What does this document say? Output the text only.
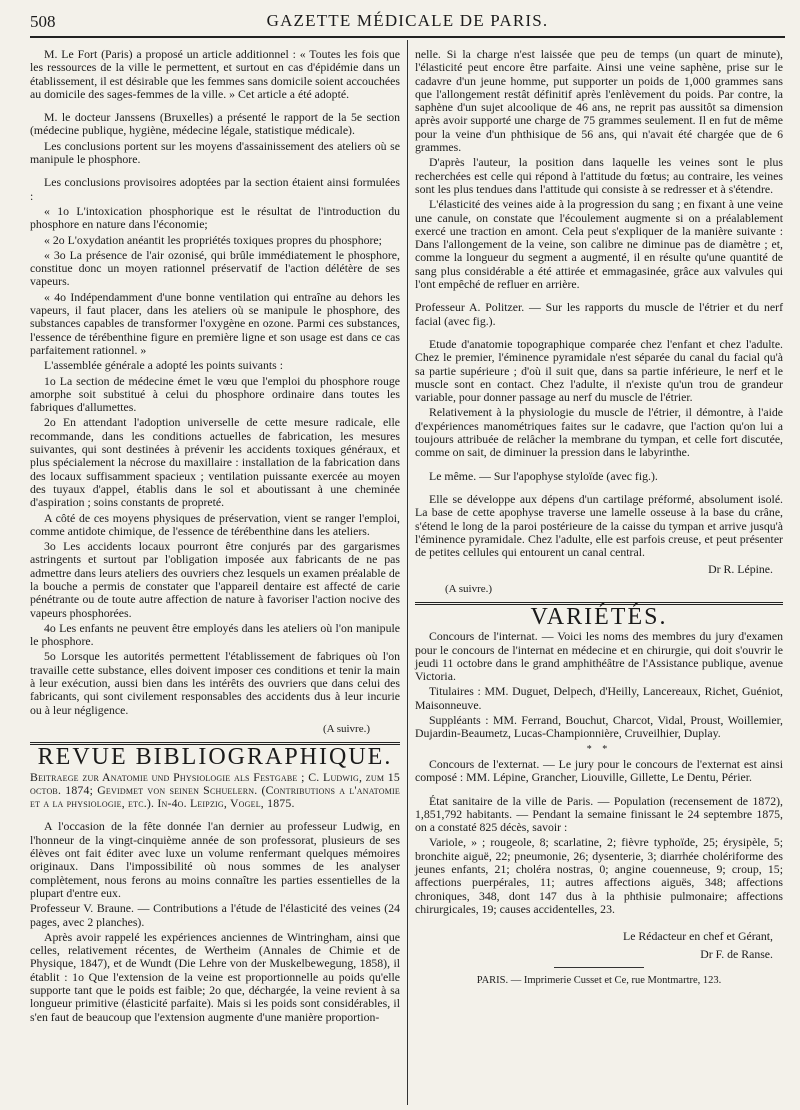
508	GAZETTE MÉDICALE DE PARIS.

M. Le Fort (Paris) a proposé un article additionnel : « Toutes les fois que les ressources de la ville le permettent, et surtout en cas d'épidémie dans un établissement, il est désirable que les femmes sans domicile soient accouchées au domicile des sages-femmes de la ville. » Cet article a été adopté.

M. le docteur Janssens (Bruxelles) a présenté le rapport de la 5e section (médecine publique, hygiène, médecine légale, statistique médicale).

Les conclusions portent sur les moyens d'assainissement des ateliers où se manipule le phosphore.

Les conclusions provisoires adoptées par la section étaient ainsi formulées :

« 1o L'intoxication phosphorique est le résultat de l'introduction du phosphore en nature dans l'économie;

« 2o L'oxydation anéantit les propriétés toxiques propres du phosphore;

« 3o La présence de l'air ozonisé, qui brûle immédiatement le phosphore, constitue donc un moyen rationnel préservatif de l'action délétère de ses vapeurs.

« 4o Indépendamment d'une bonne ventilation qui entraîne au dehors les vapeurs, il faut placer, dans les ateliers où se manipule le phosphore, des substances capables de transformer l'oxygène en ozone. Parmi ces substances, l'essence de térébenthine figure en première ligne et son usage est dans ce cas parfaitement rationnel. »

L'assemblée générale a adopté les points suivants :

1o La section de médecine émet le vœu que l'emploi du phosphore rouge amorphe soit substitué à celui du phosphore ordinaire dans toutes les fabriques d'allumettes.

2o En attendant l'adoption universelle de cette mesure radicale, elle recommande, dans les conditions actuelles de fabrication, les mesures suivantes, qui sont destinées à prévenir les accidents toxiques généraux, et plus spécialement la nécrose du maxillaire : installation de la fabrication dans des locaux suffisamment spacieux ; ventilation puissante exercée au moyen des tuyaux d'appel, établis dans le sol et aboutissant à une cheminée d'aspiration ; soins constants de propreté.

A côté de ces moyens physiques de préservation, vient se ranger l'emploi, comme antidote chimique, de l'essence de térébenthine dans les ateliers.

3o Les accidents locaux pourront être conjurés par des gargarismes astringents et surtout par l'obligation imposée aux fabricants de ne pas admettre dans leurs ateliers des ouvriers chez lesquels un examen préalable de la bouche a permis de constater que l'appareil dentaire est affecté de carie pénétrante ou de toute autre affection de nature à favoriser l'action nocive des vapeurs phosphorées.

4o Les enfants ne peuvent être employés dans les ateliers où l'on manipule le phosphore.

5o Lorsque les autorités permettent l'établissement de fabriques où l'on travaille cette substance, elles doivent imposer ces conditions et tenir la main à leur exécution, aussi bien dans les intérêts des ouvriers que dans celui des fabricants, qui sont civilement responsables des accidents dus à leur incurie ou à leur négligence.

(A suivre.)

REVUE BIBLIOGRAPHIQUE.

Beitraege zur Anatomie und Physiologie als Festgabe ; C. Ludwig, zum 15 octob. 1874; Gevidmet von seinen Schuelern. (Contributions a l'anatomie et a la physiologie, etc.). In-4o. Leipzig, Vogel, 1875.

A l'occasion de la fête donnée l'an dernier au professeur Ludwig, en l'honneur de la vingt-cinquième année de son professorat, plusieurs de ses élèves ont fait éditer avec luxe un volume renfermant quelques mémoires originaux. Dans l'impossibilité où nous sommes de les analyser complètement, nous ferons au moins connaître les parties essentielles de la plupart d'entre eux.

Professeur V. Braune. — Contributions a l'étude de l'élasticité des veines (24 pages, avec 2 planches).

Après avoir rappelé les expériences anciennes de Wintringham, ainsi que celles, relativement récentes, de Wertheim (Annales de Chimie et de Physique, 1847), et de Wundt (Die Lehre von der Muskelbewegung, 1858), il établit : 1o Que l'extension de la veine est proportionnelle au poids qu'elle supporte tant que le poids est faible; 2o que, déchargée, la veine revient à sa longueur primitive (élasticité parfaite). Mais si les poids sont considérables, il s'en faut de beaucoup que l'extension augmente d'une manière proportion-

nelle. Si la charge n'est laissée que peu de temps (un quart de minute), l'élasticité peut encore être parfaite. Ainsi une veine saphène, prise sur le cadavre d'un jeune homme, put supporter un poids de 1,000 grammes sans que l'allongement restât définitif après l'enlèvement du poids. Par contre, la saphène d'un sujet alcoolique de 46 ans, ne reprit pas aussitôt sa dimension après avoir supporté une charge de 75 grammes seulement. Il en fut de même pour la veine d'un phthisique de 56 ans, qui n'avait été chargée que de 6 grammes.

D'après l'auteur, la position dans laquelle les veines sont le plus recherchées est celle qui répond à l'attitude du fœtus; au contraire, les veines sont les plus tendues dans l'attitude qui consiste à se redresser et à s'étendre.

L'élasticité des veines aide à la progression du sang ; en fixant à une veine une canule, on constate que l'écoulement augmente si on a préalablement exercé une traction en amont. Cela peut s'expliquer de la manière suivante : Dans l'allongement de la veine, son calibre ne diminue pas de diamètre ; et, comme la longueur du segment a augmenté, il en résulte qu'une quantité de sang plus considérable a été attirée et emmagasinée, grâce aux valvules qui l'ont empêché de refluer en arrière.

Professeur A. Politzer. — Sur les rapports du muscle de l'étrier et du nerf facial (avec fig.).

Etude d'anatomie topographique comparée chez l'enfant et chez l'adulte. Chez le premier, l'éminence pyramidale n'est séparée du canal du facial qu'à sa partie supérieure ; d'où il suit que, dans sa partie inférieure, le nerf et le muscle sont en contact. Chez l'adulte, il n'existe qu'un trou de grandeur variable, pour donner passage au nerf du muscle de l'étrier.

Relativement à la physiologie du muscle de l'étrier, il démontre, à l'aide d'expériences manométriques faites sur le cadavre, que l'action qu'on lui a toujours attribuée de relâcher la membrane du tympan, et celle fort discutée, comme on sait, de diminuer la pression dans le labyrinthe.

Le même. — Sur l'apophyse styloïde (avec fig.).

Elle se développe aux dépens d'un cartilage préformé, absolument isolé. La base de cette apophyse traverse une lamelle osseuse à la base du crâne, s'étend le long de la paroi postérieure de la caisse du tympan et arrive jusqu'à l'éminence pyramidale. Chez l'adulte, elle est parfois creuse, et peut présenter de petites cellules qui entourent un canal central.

Dr R. Lépine.

(A suivre.)

VARIÉTÉS.

Concours de l'internat. — Voici les noms des membres du jury d'examen pour le concours de l'internat en médecine et en chirurgie, qui doit s'ouvrir le jeudi 11 octobre dans le grand amphithéâtre de l'Assistance publique, avenue Victoria.

Titulaires : MM. Duguet, Delpech, d'Heilly, Lancereaux, Richet, Guéniot, Maisonneuve.

Suppléants : MM. Ferrand, Bouchut, Charcot, Vidal, Proust, Woillemier, Dujardin-Beaumetz, Lucas-Championnière, Cruveilhier, Duplay.

* *

Concours de l'externat. — Le jury pour le concours de l'externat est ainsi composé : MM. Lépine, Grancher, Liouville, Gillette, Le Dentu, Périer.

État sanitaire de la ville de Paris. — Population (recensement de 1872), 1,851,792 habitants. — Pendant la semaine finissant le 24 septembre 1875, on a constaté 825 décès, savoir :

Variole, » ; rougeole, 8; scarlatine, 2; fièvre typhoïde, 25; érysipèle, 5; bronchite aiguë, 22; pneumonie, 26; dysenterie, 3; diarrhée cholériforme des jeunes enfants, 21; choléra nostras, 0; angine couenneuse, 9; croup, 15; affections puerpérales, 11; autres affections aiguës, 348; affections chroniques, 348, dont 147 dus à la phthisie pulmonaire; affections chirurgicales, 19; causes accidentelles, 23.

Le Rédacteur en chef et Gérant,

Dr F. de Ranse.

PARIS. — Imprimerie Cusset et Ce, rue Montmartre, 123.
